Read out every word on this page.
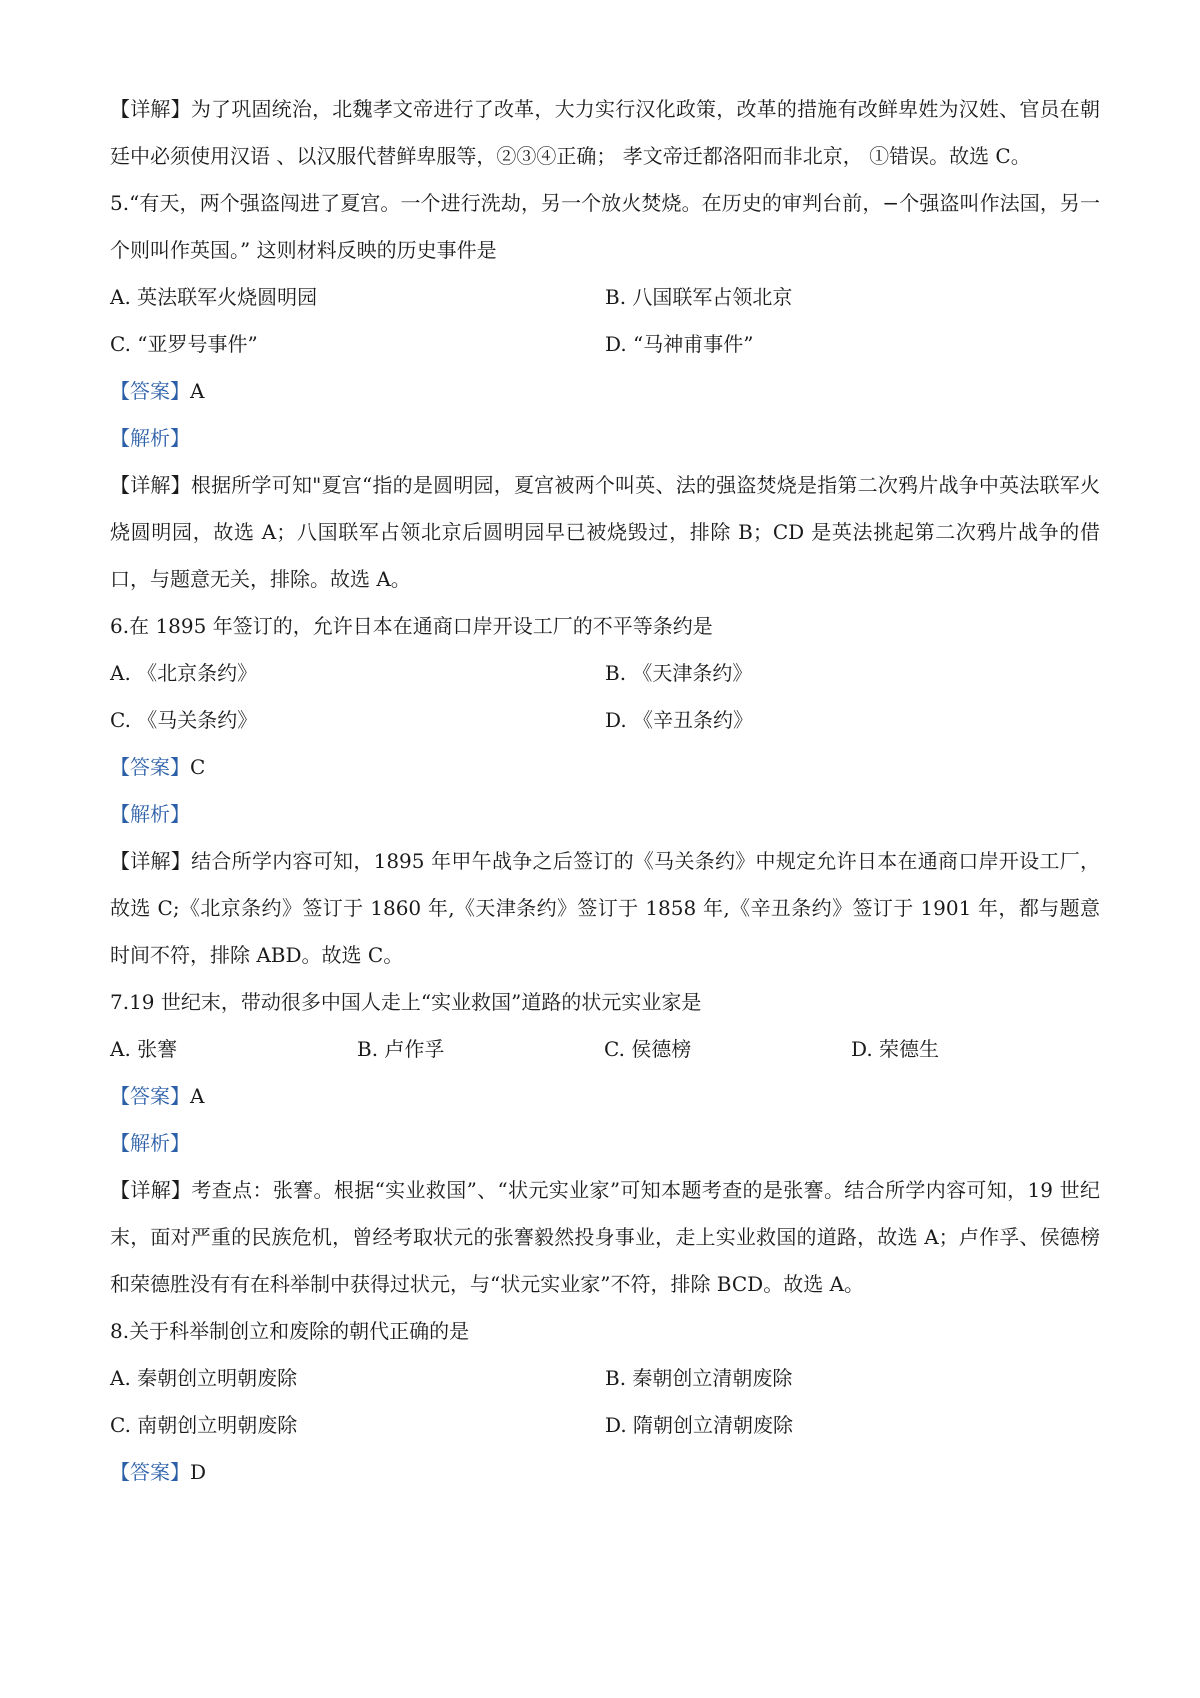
【详解】为了巩固统治，北魏孝文帝进行了改革，大力实行汉化政策，改革的措施有改鲜卑姓为汉姓、官员在朝廷中必须使用汉语 、以汉服代替鲜卑服等，②③④正确； 孝文帝迁都洛阳而非北京， ①错误。故选 C。

5.“有天，两个强盗闯进了夏宫。一个进行洗劫，另一个放火焚烧。在历史的审判台前，−个强盗叫作法国，另一个则叫作英国。” 这则材料反映的历史事件是

A. 英法联军火烧圆明园	B. 八国联军占领北京
C. “亚罗号事件”	D. “马神甫事件”

【答案】A

【解析】

【详解】根据所学可知"夏宫“指的是圆明园，夏宫被两个叫英、法的强盗焚烧是指第二次鸦片战争中英法联军火烧圆明园，故选 A；八国联军占领北京后圆明园早已被烧毁过，排除 B；CD 是英法挑起第二次鸦片战争的借口，与题意无关，排除。故选 A。

6.在 1895 年签订的，允许日本在通商口岸开设工厂的不平等条约是

A. 《北京条约》	B. 《天津条约》
C. 《马关条约》	D. 《辛丑条约》

【答案】C

【解析】

【详解】结合所学内容可知，1895 年甲午战争之后签订的《马关条约》中规定允许日本在通商口岸开设工厂，故选 C;《北京条约》签订于 1860 年,《天津条约》签订于 1858 年,《辛丑条约》签订于 1901 年，都与题意时间不符，排除 ABD。故选 C。

7.19 世纪末，带动很多中国人走上“实业救国”道路的状元实业家是

A. 张謇	B. 卢作孚	C. 侯德榜	D. 荣德生

【答案】A

【解析】

【详解】考查点：张謇。根据“实业救国”、“状元实业家”可知本题考查的是张謇。结合所学内容可知，19 世纪末，面对严重的民族危机，曾经考取状元的张謇毅然投身事业，走上实业救国的道路，故选 A；卢作孚、侯德榜和荣德胜没有有在科举制中获得过状元，与“状元实业家”不符，排除 BCD。故选 A。

8.关于科举制创立和废除的朝代正确的是

A. 秦朝创立明朝废除	B. 秦朝创立清朝废除
C. 南朝创立明朝废除	D. 隋朝创立清朝废除

【答案】D
